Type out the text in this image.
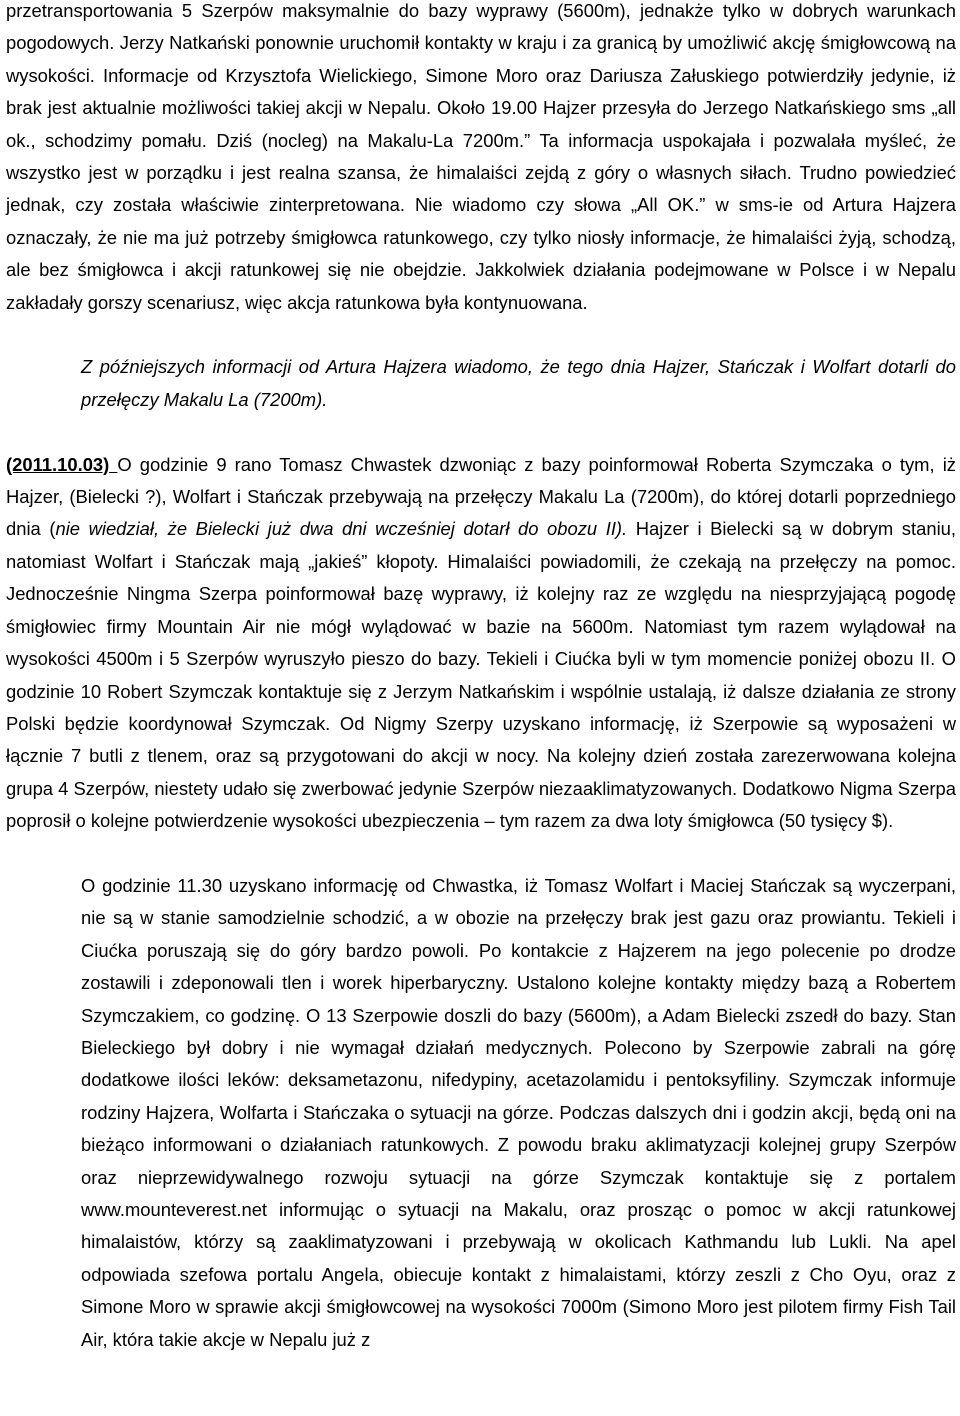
przetransportowania 5 Szerpów maksymalnie do bazy wyprawy (5600m), jednakże tylko w dobrych warunkach pogodowych. Jerzy Natkański ponownie uruchomił kontakty w kraju i za granicą by umożliwić akcję śmigłowcową na wysokości. Informacje od Krzysztofa Wielickiego, Simone Moro oraz Dariusza Załuskiego potwierdziły jedynie, iż brak jest aktualnie możliwości takiej akcji w Nepalu. Około 19.00 Hajzer przesyła do Jerzego Natkańskiego sms „all ok., schodzimy pomału. Dziś (nocleg) na Makalu-La 7200m.” Ta informacja uspokajała i pozwalała myśleć, że wszystko jest w porządku i jest realna szansa, że himalaiści zejdą z góry o własnych siłach. Trudno powiedzieć jednak, czy została właściwie zinterpretowana. Nie wiadomo czy słowa „All OK.” w sms-ie od Artura Hajzera oznaczały, że nie ma już potrzeby śmigłowca ratunkowego, czy tylko niosły informacje, że himalaiści żyją, schodzą, ale bez śmigłowca i akcji ratunkowej się nie obejdzie. Jakkolwiek działania podejmowane w Polsce i w Nepalu zakładały gorszy scenariusz, więc akcja ratunkowa była kontynuowana.

Z późniejszych informacji od Artura Hajzera wiadomo, że tego dnia Hajzer, Stańczak i Wolfart dotarli do przełęczy Makalu La (7200m).

(2011.10.03) O godzinie 9 rano Tomasz Chwastek dzwoniąc z bazy poinformował Roberta Szymczaka o tym, iż Hajzer, (Bielecki ?), Wolfart i Stańczak przebywają na przełęczy Makalu La (7200m), do której dotarli poprzedniego dnia (nie wiedział, że Bielecki już dwa dni wcześniej dotarł do obozu II). Hajzer i Bielecki są w dobrym staniu, natomiast Wolfart i Stańczak mają „jakieś” kłopoty. Himalaiści powiadomili, że czekają na przełęczy na pomoc. Jednocześnie Ningma Szerpa poinformował bazę wyprawy, iż kolejny raz ze względu na niesprzyjającą pogodę śmigłowiec firmy Mountain Air nie mógł wylądować w bazie na 5600m. Natomiast tym razem wylądował na wysokości 4500m i 5 Szerpów wyruszyło pieszo do bazy. Tekieli i Ciućka byli w tym momencie poniżej obozu II. O godzinie 10 Robert Szymczak kontaktuje się z Jerzym Natkańskim i wspólnie ustalają, iż dalsze działania ze strony Polski będzie koordynował Szymczak. Od Nigmy Szerpy uzyskano informację, iż Szerpowie są wyposażeni w łącznie 7 butli z tlenem, oraz są przygotowani do akcji w nocy. Na kolejny dzień została zarezerwowana kolejna grupa 4 Szerpów, niestety udało się zwerbować jedynie Szerpów niezaaklimatyzowanych. Dodatkowo Nigma Szerpa poprosił o kolejne potwierdzenie wysokości ubezpieczenia – tym razem za dwa loty śmigłowca (50 tysięcy $).

O godzinie 11.30 uzyskano informację od Chwastka, iż Tomasz Wolfart i Maciej Stańczak są wyczerpani, nie są w stanie samodzielnie schodzić, a w obozie na przełęczy brak jest gazu oraz prowiantu. Tekieli i Ciućka poruszają się do góry bardzo powoli. Po kontakcie z Hajzerem na jego polecenie po drodze zostawili i zdeponowali tlen i worek hiperbaryczny. Ustalono kolejne kontakty między bazą a Robertem Szymczakiem, co godzinę. O 13 Szerpowie doszli do bazy (5600m), a Adam Bielecki zszedł do bazy. Stan Bieleckiego był dobry i nie wymagał działań medycznych. Polecono by Szerpowie zabrali na górę dodatkowe ilości leków: deksametazonu, nifedypiny, acetazolamidu i pentoksyfiliny. Szymczak informuje rodziny Hajzera, Wolfarta i Stańczaka o sytuacji na górze. Podczas dalszych dni i godzin akcji, będą oni na bieżąco informowani o działaniach ratunkowych. Z powodu braku aklimatyzacji kolejnej grupy Szerpów oraz nieprzewidywalnego rozwoju sytuacji na górze Szymczak kontaktuje się z portalem www.mounteverest.net informując o sytuacji na Makalu, oraz prosząc o pomoc w akcji ratunkowej himalaistów, którzy są zaaklimatyzowani i przebywają w okolicach Kathmandu lub Lukli. Na apel odpowiada szefowa portalu Angela, obiecuje kontakt z himalaistami, którzy zeszli z Cho Oyu, oraz z Simone Moro w sprawie akcji śmigłowcowej na wysokości 7000m (Simono Moro jest pilotem firmy Fish Tail Air, która takie akcje w Nepalu już z
